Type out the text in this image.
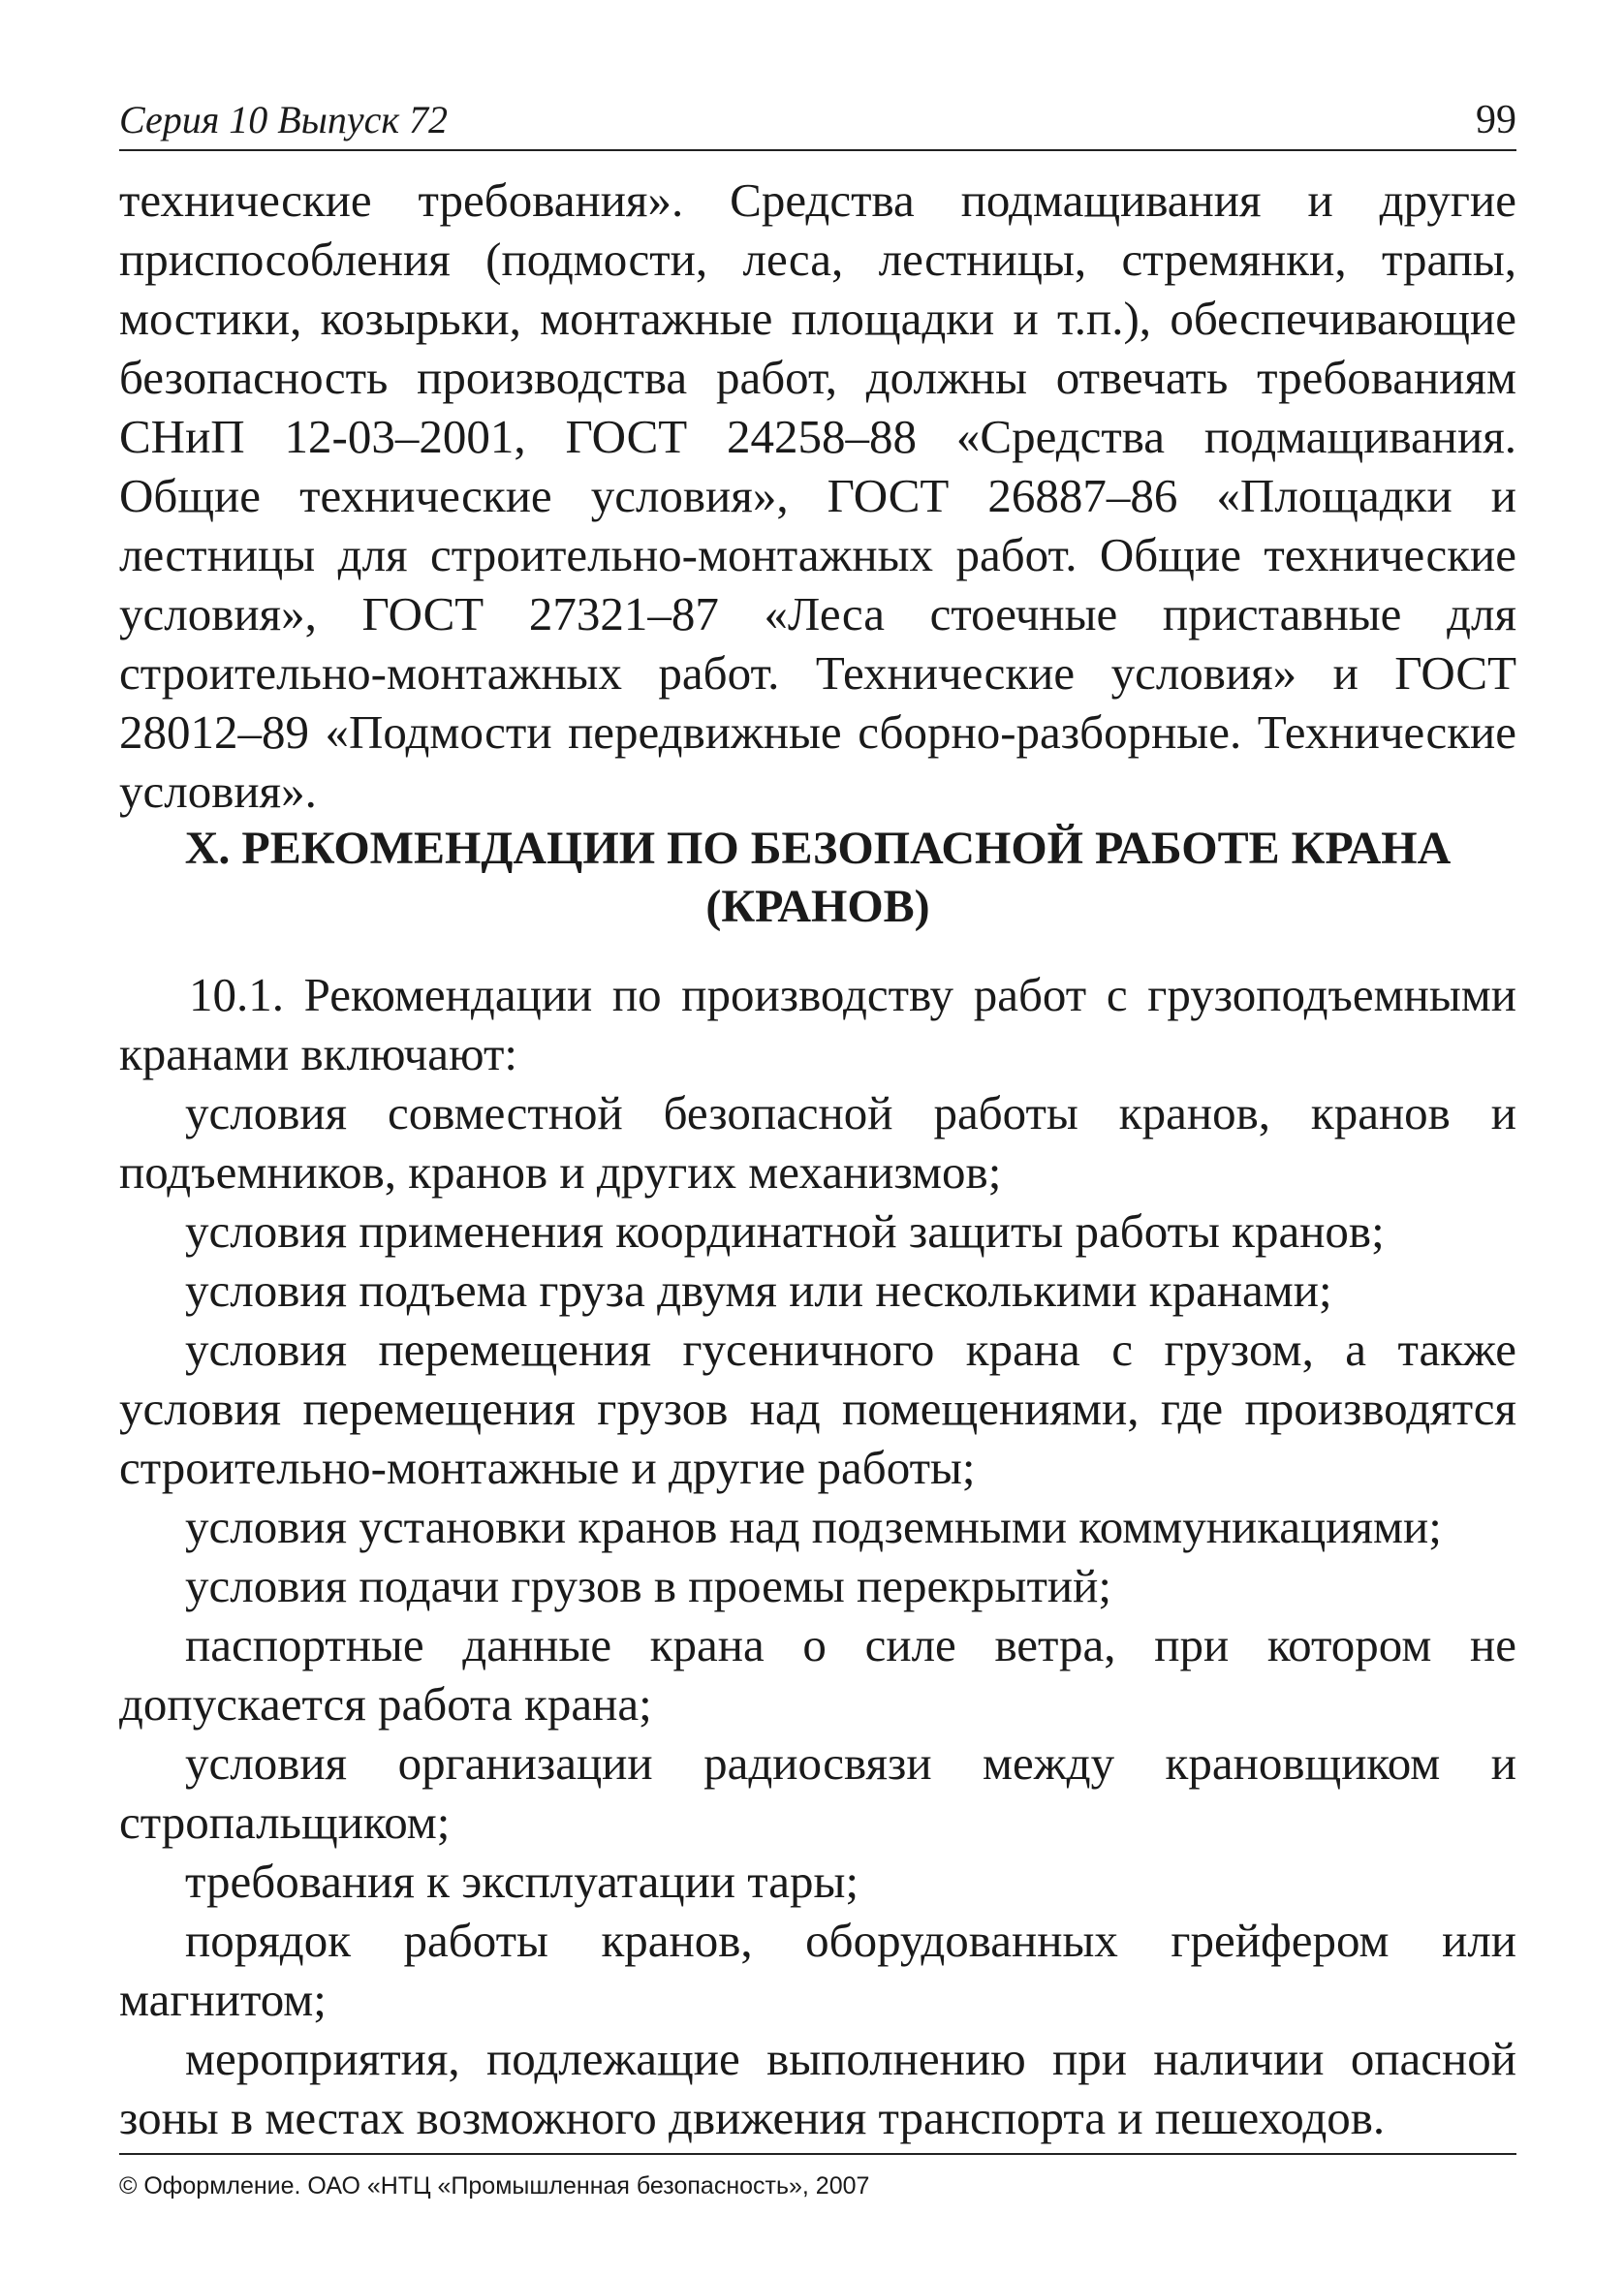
Серия 10 Выпуск 72	99

технические требования». Средства подмащивания и другие приспособления (подмости, леса, лестницы, стремянки, трапы, мостики, козырьки, монтажные площадки и т.п.), обеспечивающие безопасность производства работ, должны отвечать требованиям СНиП 12-03–2001, ГОСТ 24258–88 «Средства подмащивания. Общие технические условия», ГОСТ 26887–86 «Площадки и лестницы для строительно-монтажных работ. Общие технические условия», ГОСТ 27321–87 «Леса стоечные приставные для строительно-монтажных работ. Технические условия» и ГОСТ 28012–89 «Подмости передвижные сборно-разборные. Технические условия».

X. РЕКОМЕНДАЦИИ ПО БЕЗОПАСНОЙ РАБОТЕ КРАНА
(КРАНОВ)

10.1. Рекомендации по производству работ с грузоподъемными кранами включают:

условия совместной безопасной работы кранов, кранов и подъемников, кранов и других механизмов;

условия применения координатной защиты работы кранов;

условия подъема груза двумя или несколькими кранами;

условия перемещения гусеничного крана с грузом, а также условия перемещения грузов над помещениями, где производятся строительно-монтажные и другие работы;

условия установки кранов над подземными коммуникациями;

условия подачи грузов в проемы перекрытий;

паспортные данные крана о силе ветра, при котором не допускается работа крана;

условия организации радиосвязи между крановщиком и стропальщиком;

требования к эксплуатации тары;

порядок работы кранов, оборудованных грейфером или магнитом;

мероприятия, подлежащие выполнению при наличии опасной зоны в местах возможного движения транспорта и пешеходов.

© Оформление. ОАО «НТЦ «Промышленная безопасность», 2007
